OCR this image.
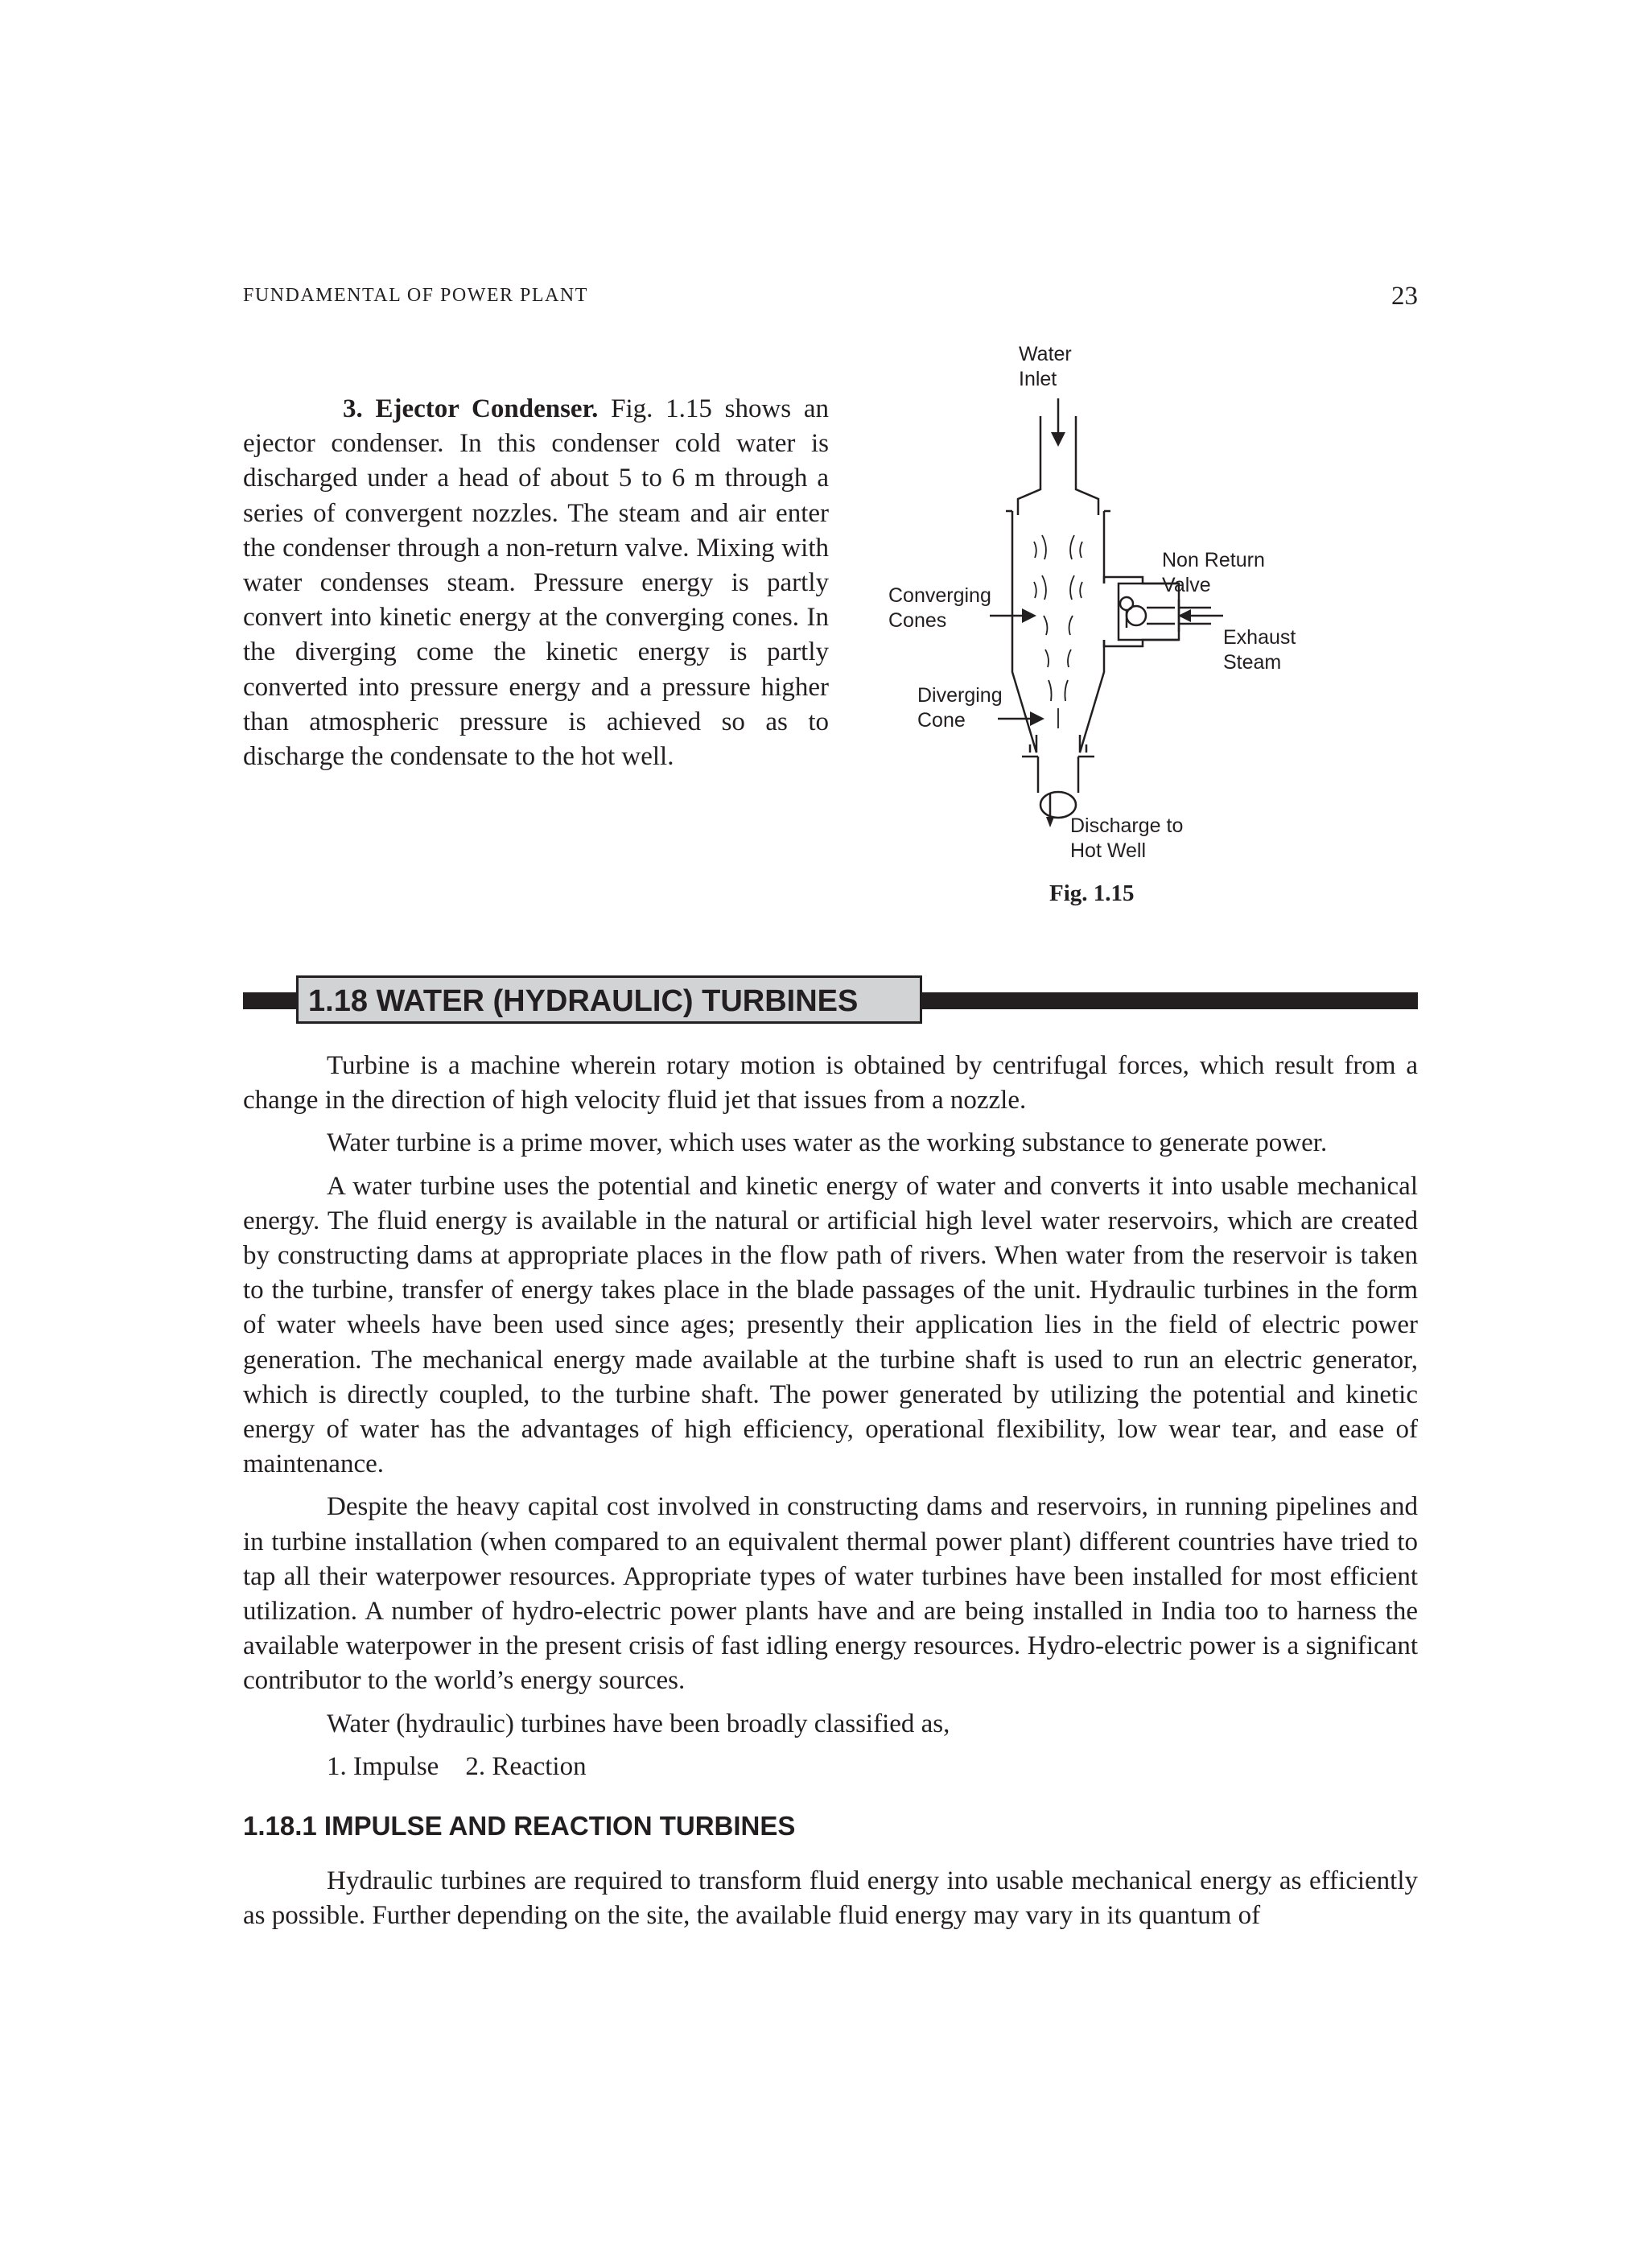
FUNDAMENTAL OF POWER PLANT	23

3. Ejector Condenser. Fig. 1.15 shows an ejector condenser. In this condenser cold water is discharged under a head of about 5 to 6 m through a series of convergent nozzles. The steam and air enter the condenser through a non-return valve. Mixing with water condenses steam. Pressure energy is partly convert into kinetic energy at the converging cones. In the diverging come the kinetic energy is partly converted into pressure energy and a pressure higher than atmospheric pressure is achieved so as to discharge the condensate to the hot well.

Water
Inlet
Non Return
Valve
Converging
Cones
Exhaust
Steam
Diverging
Cone
Discharge to
Hot Well
Fig. 1.15
1.18 WATER (HYDRAULIC) TURBINES

Turbine is a machine wherein rotary motion is obtained by centrifugal forces, which result from a change in the direction of high velocity fluid jet that issues from a nozzle.

Water turbine is a prime mover, which uses water as the working substance to generate power.

A water turbine uses the potential and kinetic energy of water and converts it into usable mechanical energy. The fluid energy is available in the natural or artificial high level water reservoirs, which are created by constructing dams at appropriate places in the flow path of rivers. When water from the reservoir is taken to the turbine, transfer of energy takes place in the blade passages of the unit. Hydraulic turbines in the form of water wheels have been used since ages; presently their application lies in the field of electric power generation. The mechanical energy made available at the turbine shaft is used to run an electric generator, which is directly coupled, to the turbine shaft. The power generated by utilizing the potential and kinetic energy of water has the advantages of high efficiency, operational flexibility, low wear tear, and ease of maintenance.

Despite the heavy capital cost involved in constructing dams and reservoirs, in running pipelines and in turbine installation (when compared to an equivalent thermal power plant) different countries have tried to tap all their waterpower resources. Appropriate types of water turbines have been installed for most efficient utilization. A number of hydro-electric power plants have and are being installed in India too to harness the available waterpower in the present crisis of fast idling energy resources. Hydro-electric power is a significant contributor to the world’s energy sources.

Water (hydraulic) turbines have been broadly classified as,

1. Impulse    2. Reaction
1.18.1 IMPULSE AND REACTION TURBINES

Hydraulic turbines are required to transform fluid energy into usable mechanical energy as efficiently as possible. Further depending on the site, the available fluid energy may vary in its quantum of
